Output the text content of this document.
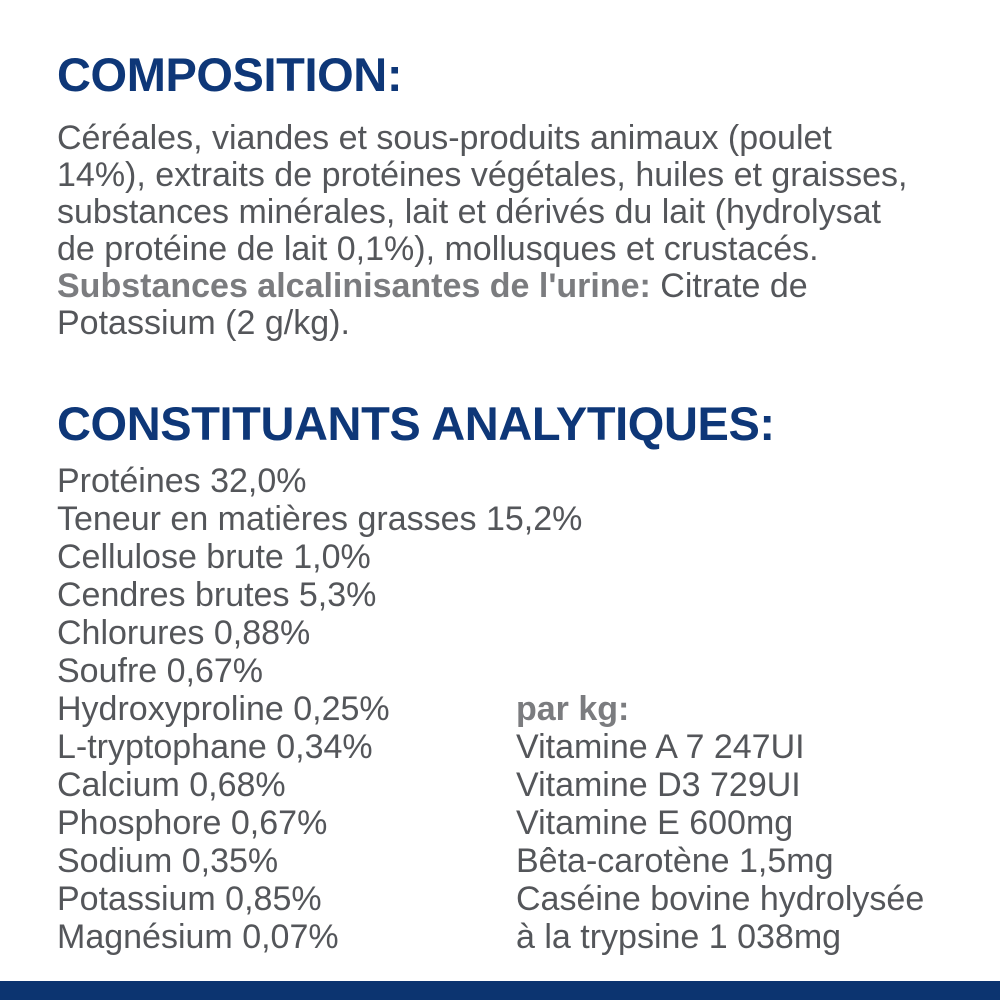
COMPOSITION:
Céréales, viandes et sous-produits animaux (poulet
14%), extraits de protéines végétales, huiles et graisses,
substances minérales, lait et dérivés du lait (hydrolysat
de protéine de lait 0,1%), mollusques et crustacés.
Substances alcalinisantes de l'urine: Citrate de
Potassium (2 g/kg).
CONSTITUANTS ANALYTIQUES:
Protéines 32,0%
Teneur en matières grasses 15,2%
Cellulose brute 1,0%
Cendres brutes 5,3%
Chlorures 0,88%
Soufre 0,67%
Hydroxyproline 0,25%
L-tryptophane 0,34%
Calcium 0,68%
Phosphore 0,67%
Sodium 0,35%
Potassium 0,85%
Magnésium 0,07%
par kg:
Vitamine A 7 247UI
Vitamine D3 729UI
Vitamine E 600mg
Bêta-carotène 1,5mg
Caséine bovine hydrolysée
à la trypsine 1 038mg
